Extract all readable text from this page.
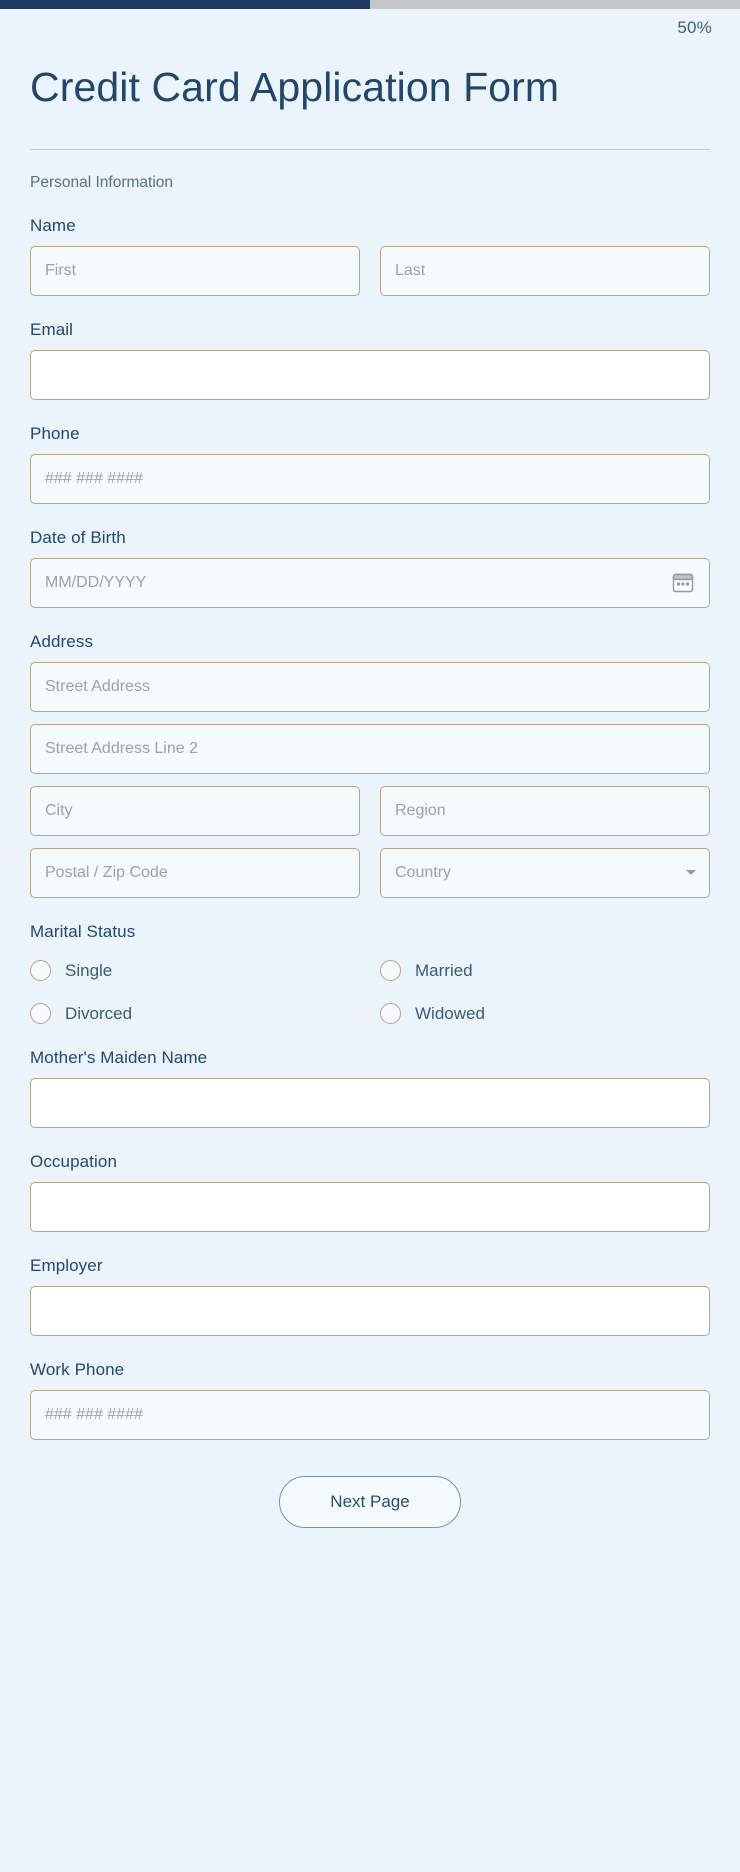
50%
Credit Card Application Form
Personal Information
Name
First
Last
Email
Phone
### ### ####
Date of Birth
MM/DD/YYYY
Address
Street Address
Street Address Line 2
City
Region
Postal / Zip Code
Country
Marital Status
Single	Married
Divorced	Widowed
Mother's Maiden Name
Occupation
Employer
Work Phone
### ### ####
Next Page
